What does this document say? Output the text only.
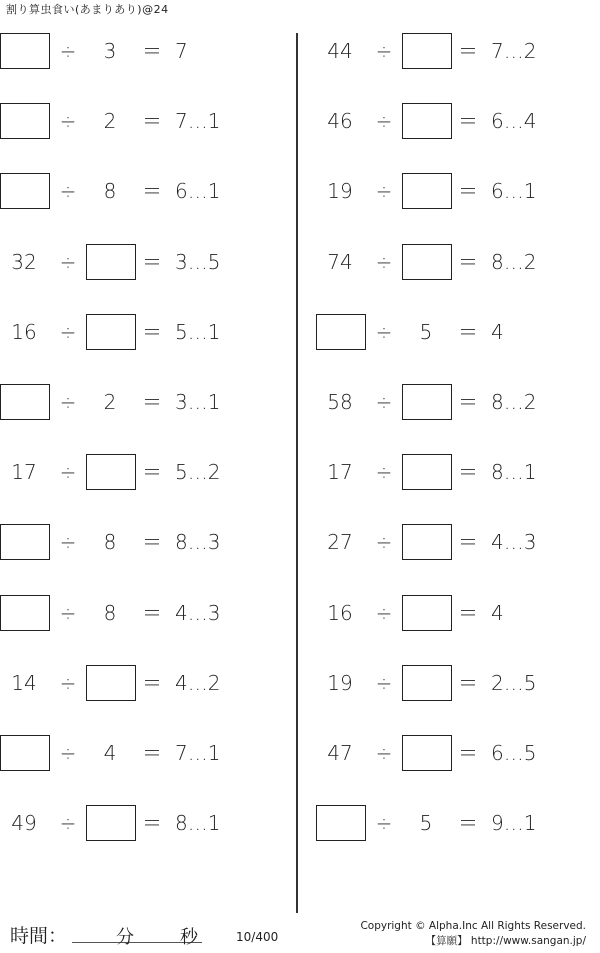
割り算虫食い(あまりあり)@24
÷	3	＝ 7
÷	2	＝ 7…1
÷	8	＝ 6…1
32	÷	＝ 3…5
16	÷	＝ 5…1
÷	2	＝ 3…1
17	÷	＝ 5…2
÷	8	＝ 8…3
÷	8	＝ 4…3
14	÷	＝ 4…2
÷	4	＝ 7…1
49	÷	＝ 8…1
44	÷	＝ 7…2
46	÷	＝ 6…4
19	÷	＝ 6…1
74	÷	＝ 8…2
÷	5	＝ 4
58	÷	＝ 8…2
17	÷	＝ 8…1
27	÷	＝ 4…3
16	÷	＝ 4
19	÷	＝ 2…5
47	÷	＝ 6…5
÷	5	＝ 9…1
時間：	分	秒	10/400
Copyright © Alpha.Inc All Rights Reserved.
【算願】 http://www.sangan.jp/
